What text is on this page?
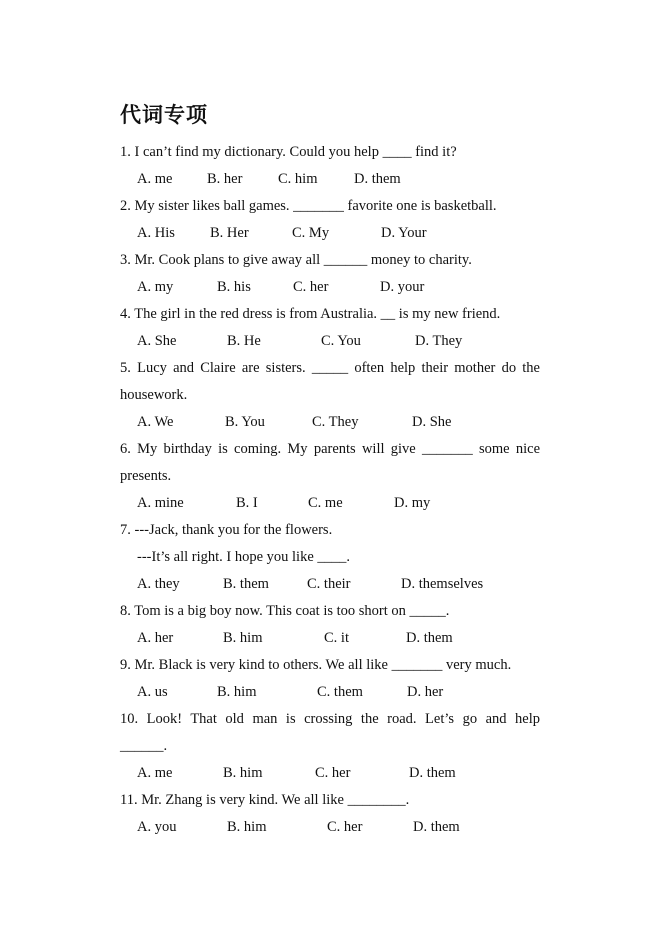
代词专项
1. I can’t find my dictionary. Could you help ____ find it?
A. me B. her C. him	D. them
2. My sister likes ball games. _______ favorite one is basketball.
A. His B. Her	C. My	D. Your
3. Mr. Cook plans to give away all ______ money to charity.
A. my	B. his	C. her	D. your
4. The girl in the red dress is from Australia. __ is my new friend.
A. She	B. He	C. You	D. They
5. Lucy and Claire are sisters. _____ often help their mother do the
housework.
A. We	B. You	C. They	D. She
6. My birthday is coming. My parents will give _______ some nice
presents.
A. mine	B. I	C. me	D. my
7. ---Jack, thank you for the flowers.
---It’s all right. I hope you like ____.
A. they	B. them	C. their	D. themselves
8. Tom is a big boy now. This coat is too short on _____.
A. her	B. him	C. it	D. them
9. Mr. Black is very kind to others. We all like _______ very much.
A. us	B. him	C. them	D. her
10. Look! That old man is crossing the road. Let’s go and help
______.
A. me	B. him	C. her	D. them
11. Mr. Zhang is very kind. We all like ________.
A. you	B. him	C. her	D. them
